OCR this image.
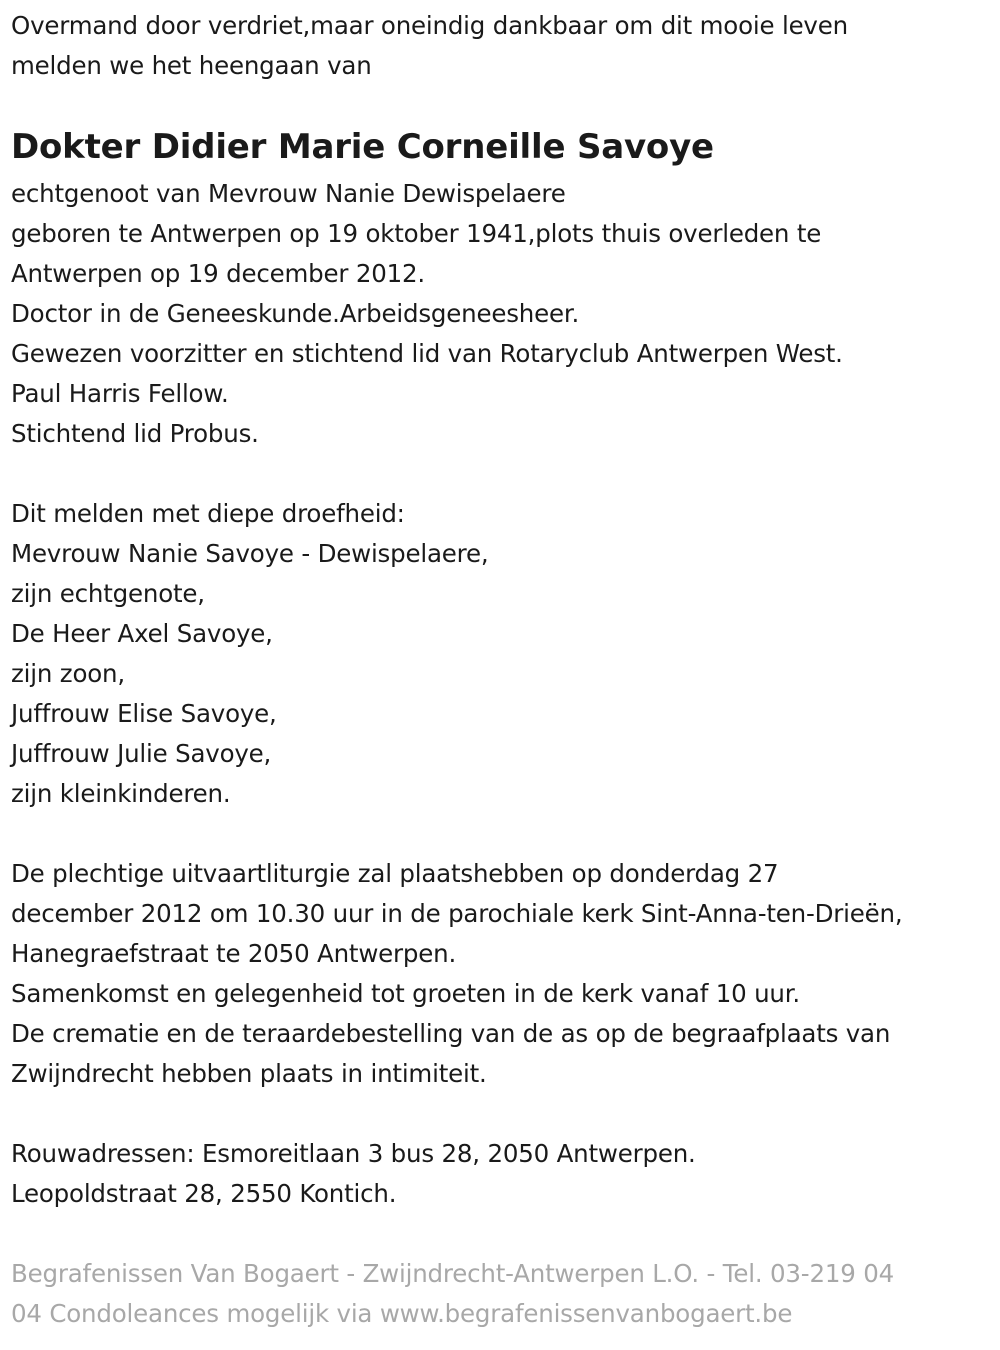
Overmand door verdriet,maar oneindig dankbaar om dit mooie leven
melden we het heengaan van
Dokter Didier Marie Corneille Savoye
echtgenoot van Mevrouw Nanie Dewispelaere
geboren te Antwerpen op 19 oktober 1941,plots thuis overleden te
Antwerpen op 19 december 2012.
Doctor in de Geneeskunde.Arbeidsgeneesheer.
Gewezen voorzitter en stichtend lid van Rotaryclub Antwerpen West.
Paul Harris Fellow.
Stichtend lid Probus.
Dit melden met diepe droefheid:
Mevrouw Nanie Savoye - Dewispelaere,
zijn echtgenote,
De Heer Axel Savoye,
zijn zoon,
Juffrouw Elise Savoye,
Juffrouw Julie Savoye,
zijn kleinkinderen.
De plechtige uitvaartliturgie zal plaatshebben op donderdag 27
december 2012 om 10.30 uur in de parochiale kerk Sint-Anna-ten-Drieën,
Hanegraefstraat te 2050 Antwerpen.
Samenkomst en gelegenheid tot groeten in de kerk vanaf 10 uur.
De crematie en de teraardebestelling van de as op de begraafplaats van
Zwijndrecht hebben plaats in intimiteit.
Rouwadressen: Esmoreitlaan 3 bus 28, 2050 Antwerpen.
Leopoldstraat 28, 2550 Kontich.
Begrafenissen Van Bogaert - Zwijndrecht-Antwerpen L.O. - Tel. 03-219 04
04 Condoleances mogelijk via www.begrafenissenvanbogaert.be
